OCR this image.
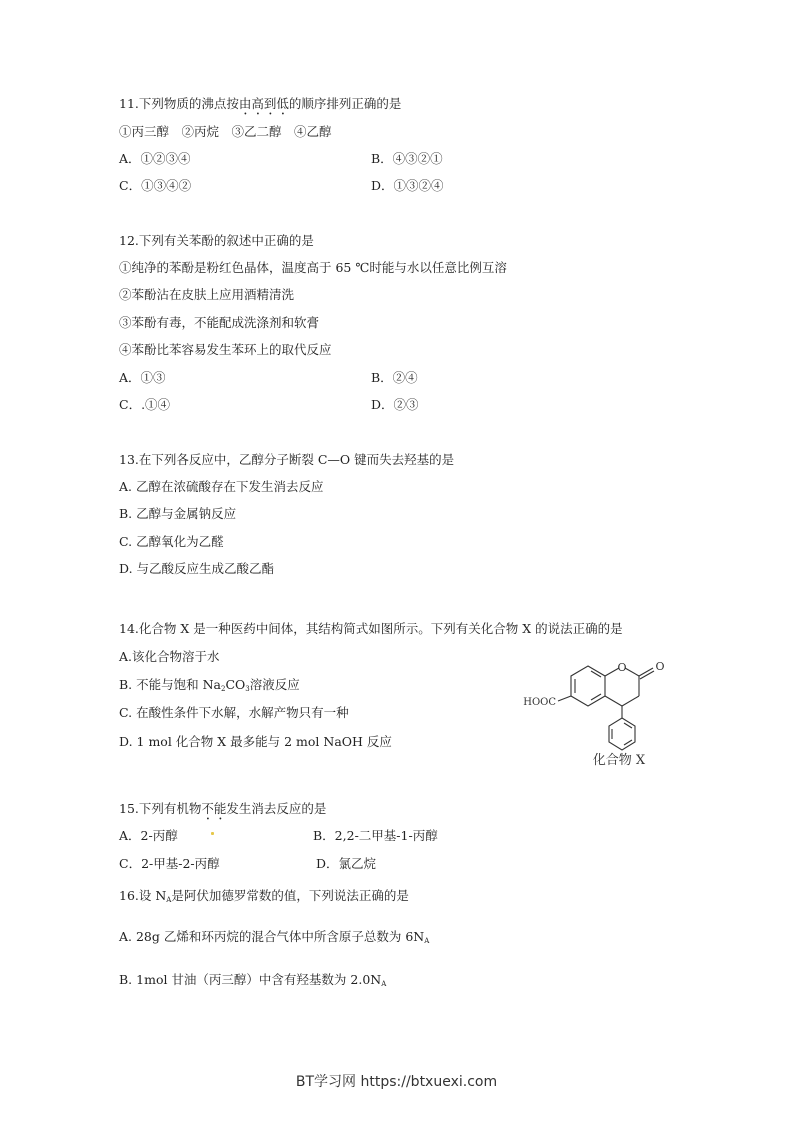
11.下列物质的沸点按由高到低的顺序排列正确的是
①丙三醇　②丙烷　③乙二醇　④乙醇
A．①②③④	B．④③②①
C．①③④②	D．①③②④
12.下列有关苯酚的叙述中正确的是
①纯净的苯酚是粉红色晶体，温度高于 65 ℃时能与水以任意比例互溶
②苯酚沾在皮肤上应用酒精清洗
③苯酚有毒，不能配成洗涤剂和软膏
④苯酚比苯容易发生苯环上的取代反应
A．①③	B．②④
C．.①④	D．②③
13.在下列各反应中，乙醇分子断裂 C—O 键而失去羟基的是
A. 乙醇在浓硫酸存在下发生消去反应
B. 乙醇与金属钠反应
C. 乙醇氧化为乙醛
D. 与乙酸反应生成乙酸乙酯
14.化合物 X 是一种医药中间体，其结构简式如图所示。下列有关化合物 X 的说法正确的是
A.该化合物溶于水
B. 不能与饱和 $Na_2CO_3$溶液反应
C. 在酸性条件下水解，水解产物只有一种
D. 1 mol 化合物 X 最多能与 2 mol NaOH 反应
O	O
HOOC
化合物 X
15.下列有机物不能发生消去反应的是
A．2-丙醇	B．2,2-二甲基-1-丙醇
C．2-甲基-2-丙醇	D．氯乙烷
16.设 $N_A$是阿伏加德罗常数的值，下列说法正确的是
A. 28g 乙烯和环丙烷的混合气体中所含原子总数为 $6N_A$
B. 1mol 甘油（丙三醇）中含有羟基数为 $2.0N_A$
BT学习网 https://btxuexi.com
